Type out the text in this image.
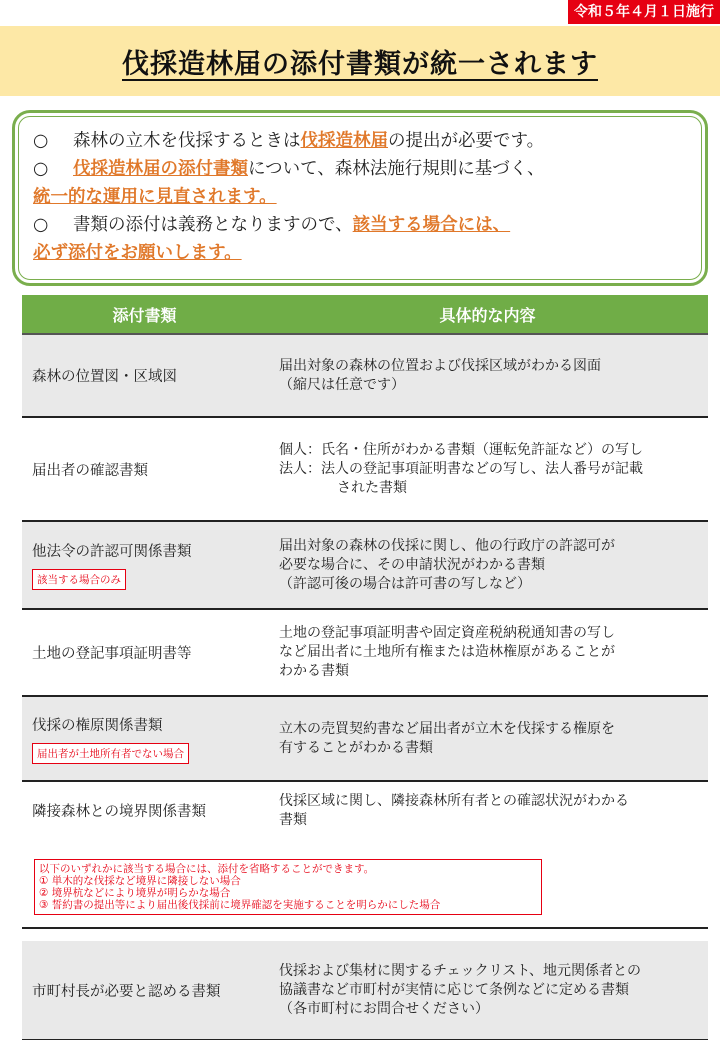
令和５年４月１日施行
伐採造林届の添付書類が統一されます

○ 森林の立木を伐採するときは伐採造林届の提出が必要です。

○ 伐採造林届の添付書類について、森林法施行規則に基づく、

統一的な運用に見直されます。

○ 書類の添付は義務となりますので、該当する場合には、

必ず添付をお願いします。

添付書類	具体的な内容
森林の位置図・区域図
届出対象の森林の位置および伐採区域がわかる図面
（縮尺は任意です）
届出者の確認書類
個人：氏名・住所がわかる書類（運転免許証など）の写し
法人：法人の登記事項証明書などの写し、法人番号が記載
された書類
他法令の許認可関係書類
該当する場合のみ
届出対象の森林の伐採に関し、他の行政庁の許認可が
必要な場合に、その申請状況がわかる書類
（許認可後の場合は許可書の写しなど）
土地の登記事項証明書等
土地の登記事項証明書や固定資産税納税通知書の写し
など届出者に土地所有権または造林権原があることが
わかる書類
伐採の権原関係書類
届出者が土地所有者でない場合
立木の売買契約書など届出者が立木を伐採する権原を
有することがわかる書類
隣接森林との境界関係書類
伐採区域に関し、隣接森林所有者との確認状況がわかる
書類
以下のいずれかに該当する場合には、添付を省略することができます。
① 単木的な伐採など境界に隣接しない場合
② 境界杭などにより境界が明らかな場合
③ 誓約書の提出等により届出後伐採前に境界確認を実施することを明らかにした場合
市町村長が必要と認める書類
伐採および集材に関するチェックリスト、地元関係者との
協議書など市町村が実情に応じて条例などに定める書類
（各市町村にお問合せください）
